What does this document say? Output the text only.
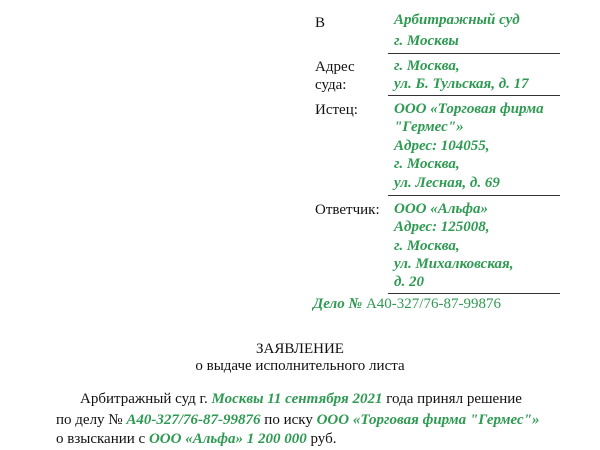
В	Арбитражный суд
г. Москвы
Адрес
суда:
г. Москва,
ул. Б. Тульская, д. 17
Истец: ООО «Торговая фирма
"Гермес"»
Адрес: 104055,
г. Москва,
ул. Лесная, д. 69
Ответчик: ООО «Альфа»
Адрес: 125008,
г. Москва,
ул. Михалковская,
д. 20
Дело № А40-327/76-87-99876
ЗАЯВЛЕНИЕ
о выдаче исполнительного листа
Арбитражный суд г. Москвы 11 сентября 2021 года принял решение
по делу № А40-327/76-87-99876 по иску ООО «Торговая фирма "Гермес"»
о взыскании с ООО «Альфа» 1 200 000 руб.
